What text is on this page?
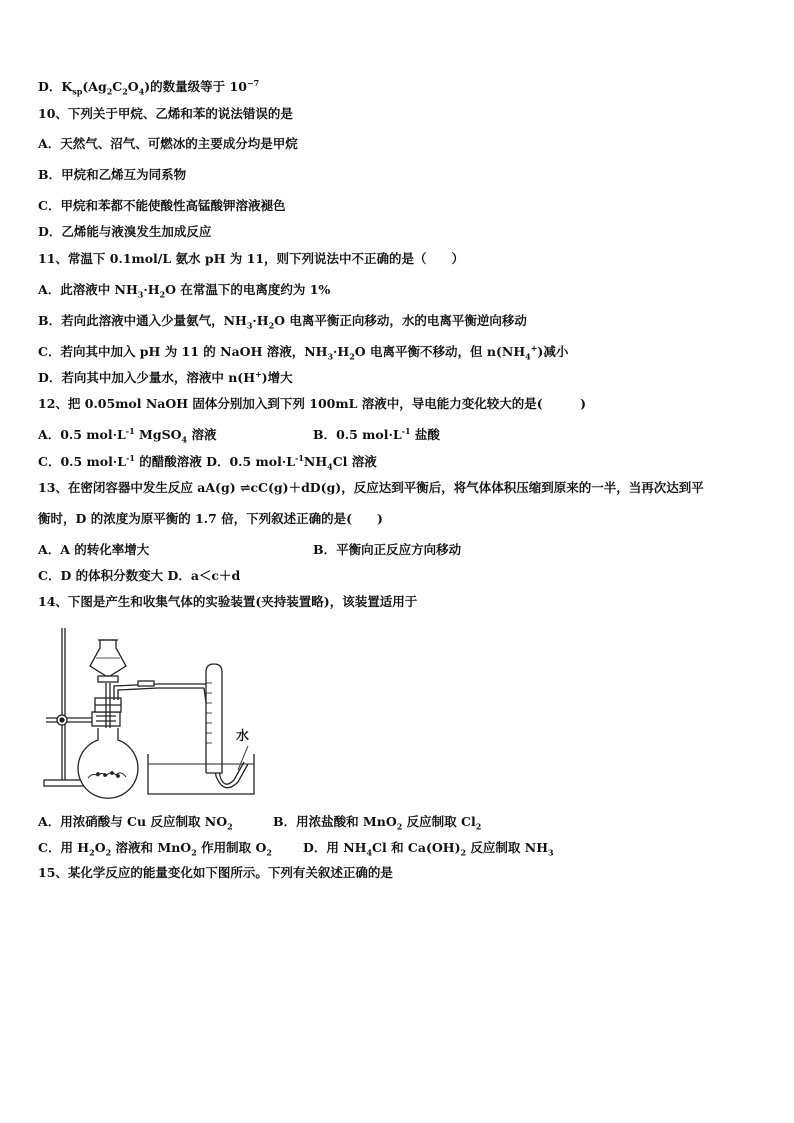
D．$K_{sp}(Ag_2C_2O_4)$的数量级等于 $10^{-7}$
10、下列关于甲烷、乙烯和苯的说法错误的是
A．天然气、沼气、可燃冰的主要成分均是甲烷
B．甲烷和乙烯互为同系物
C．甲烷和苯都不能使酸性高锰酸钾溶液褪色
D．乙烯能与液溴发生加成反应
11、常温下 0.1mol/L 氨水 pH 为 11，则下列说法中不正确的是（　　）
A．此溶液中 $NH_3\cdot H_2O$ 在常温下的电离度约为 1%
B．若向此溶液中通入少量氨气，$NH_3\cdot H_2O$ 电离平衡正向移动，水的电离平衡逆向移动
C．若向其中加入 pH 为 11 的 NaOH 溶液，$NH_3\cdot H_2O$ 电离平衡不移动，但 $n(NH_4^+)$减小
D．若向其中加入少量水，溶液中 n(H+)增大
12、把 0.05mol NaOH 固体分别加入到下列 100mL 溶液中，导电能力变化较大的是(　　　)
A．0.5 $mol\cdot L^{-1}$ MgSO$_4$ 溶液	B．0.5 $mol\cdot L^{-1}$ 盐酸
C．0.5 $mol\cdot L^{-1}$ 的醋酸溶液 D．0.5 $mol\cdot L^{-1}NH_4Cl$ 溶液
13、在密闭容器中发生反应 aA(g) ⇌cC(g)＋dD(g)，反应达到平衡后，将气体体积压缩到原来的一半，当再次达到平
衡时，D 的浓度为原平衡的 1.7 倍，下列叙述正确的是(　　)
A．A 的转化率增大	B．平衡向正反应方向移动
C．D 的体积分数变大 D．a＜c＋d
14、下图是产生和收集气体的实验装置(夹持装置略)，该装置适用于
水
A．用浓硝酸与 Cu 反应制取 $NO_2$	B．用浓盐酸和 MnO$_2$ 反应制取 $Cl_2$
C．用 $H_2O_2$ 溶液和 MnO$_2$ 作用制取 $O_2$ D．用 $NH_4Cl$ 和 $Ca(OH)_2$ 反应制取 $NH_3$
15、某化学反应的能量变化如下图所示。下列有关叙述正确的是
